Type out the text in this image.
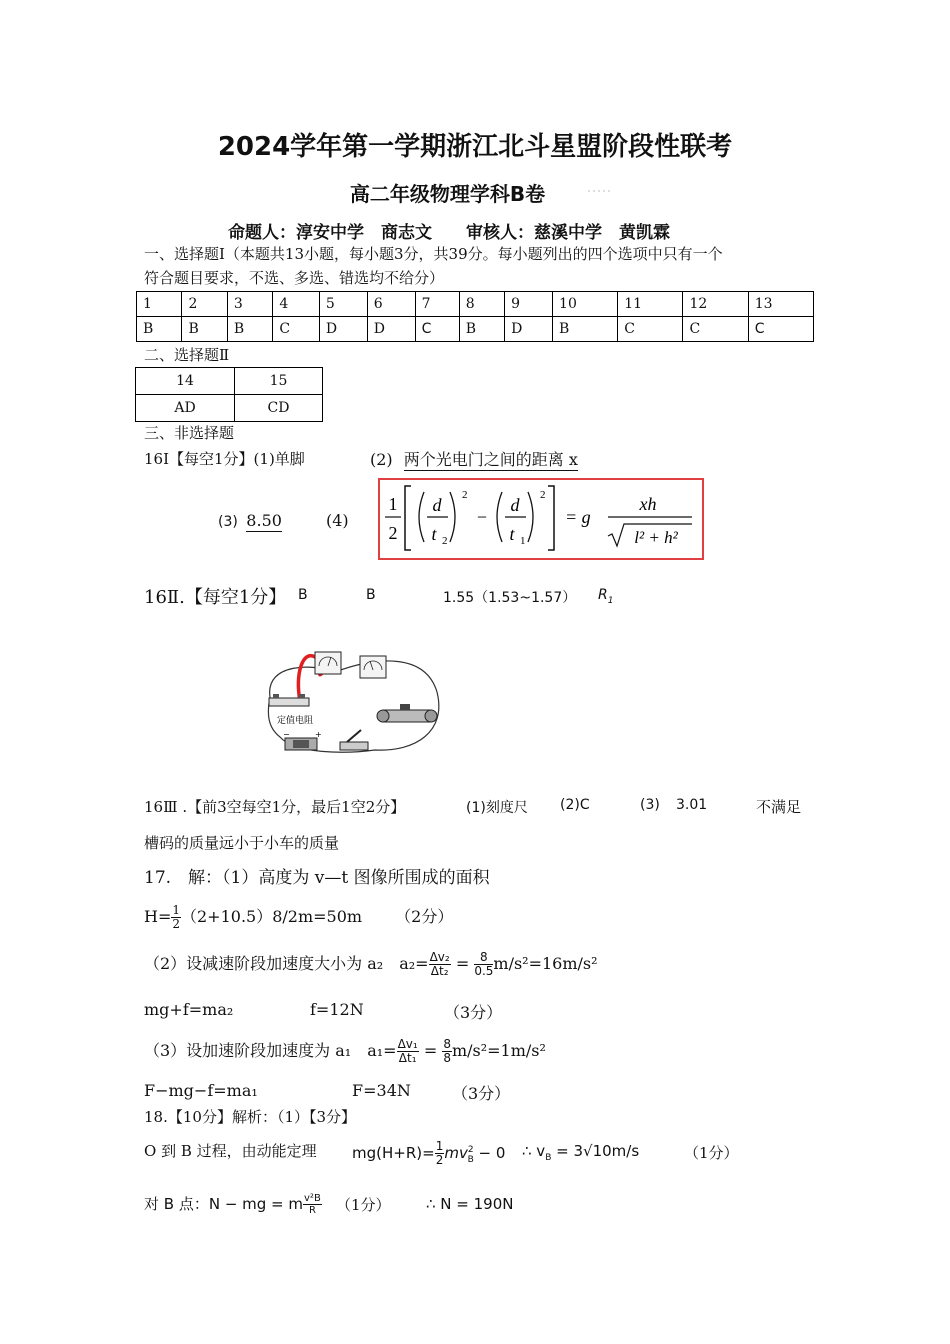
2024学年第一学期浙江北斗星盟阶段性联考
高二年级物理学科B卷
命题人：淳安中学　商志文　　审核人：慈溪中学　黄凯霖
一、选择题Ⅰ（本题共13小题，每小题3分，共39分。每小题列出的四个选项中只有一个
符合题目要求，不选、多选、错选均不给分）
1	2	3	4	5	6	7	8	9	10	11	12	13
B	B	B	C	D	D	C	B	D	B	C	C	C
二、选择题Ⅱ
14	15
AD	CD
三、非选择题
16Ⅰ【每空1分】(1)单脚	(2) 两个光电门之间的距离 x
(3) 8.50	(4)
1
2
d
t 2
2
−
d
t 1
2
= g
xh
l² + h²
16Ⅱ.【每空1分】 B	B	1.55（1.53~1.57） $R_1$
定值电阻
+
−
16Ⅲ .【前3空每空1分，最后1空2分】	(1)刻度尺 (2)C	(3) 3.01	不满足
槽码的质量远小于小车的质量
17.　解：（1）高度为 v—t 图像所围成的面积
$H= \frac{1}{2} (2+10.5)8/2m=50m$ （2分）
（2）设减速阶段加速度大小为 a₂　$a_2= \frac{\text{Δv₂}}{\text{Δt₂}} = \frac{8}{0.5} m/s^2=16m/s^2$
mg+f=ma₂	f=12N	（3分）
（3）设加速阶段加速度为 a₁　$a_1= \frac{\text{Δv₁}}{\text{Δt₁}} = \frac{8}{8} m/s^2=1m/s^2$
F−mg−f=ma₁	F=34N	（3分）
18.【10分】解析：（1）【3分】
O 到 B 过程，由动能定理 $mg(H+R)= \frac{1}{2} mv^2_B - 0$ ∴ $v_B = 3√10m/s$	（1分）
对 B 点：N − mg = m $\frac{\text{v²B}}{R} (1$分） ∴ N = 190N
